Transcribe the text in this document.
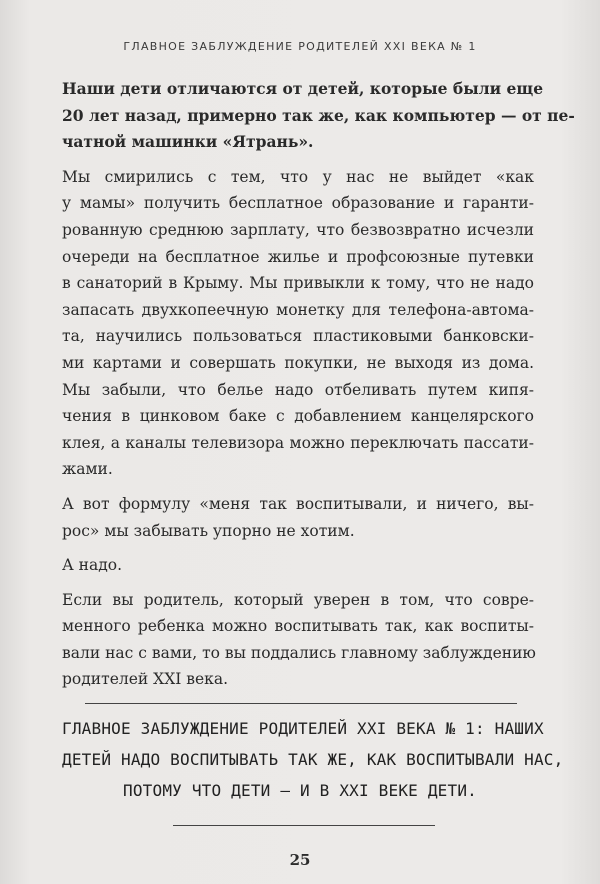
ГЛАВНОЕ ЗАБЛУЖДЕНИЕ РОДИТЕЛЕЙ XXI ВЕКА № 1
Наши дети отличаются от детей, которые были еще
20 лет назад, примерно так же, как компьютер — от пе-
чатной машинки «Ятрань».
Мы смирились с тем, что у нас не выйдет «как
у мамы» получить бесплатное образование и гаранти-
рованную среднюю зарплату, что безвозвратно исчезли
очереди на бесплатное жилье и профсоюзные путевки
в санаторий в Крыму. Мы привыкли к тому, что не надо
запасать двухкопеечную монетку для телефона-автома-
та, научились пользоваться пластиковыми банковски-
ми картами и совершать покупки, не выходя из дома.
Мы забыли, что белье надо отбеливать путем кипя-
чения в цинковом баке с добавлением канцелярского
клея, а каналы телевизора можно переключать пассати-
жами.
А вот формулу «меня так воспитывали, и ничего, вы-
рос» мы забывать упорно не хотим.
А надо.
Если вы родитель, который уверен в том, что совре-
менного ребенка можно воспитывать так, как воспиты-
вали нас с вами, то вы поддались главному заблуждению
родителей XXI века.
ГЛАВНОЕ ЗАБЛУЖДЕНИЕ РОДИТЕЛЕЙ XXI ВЕКА № 1: НАШИХ
ДЕТЕЙ НАДО ВОСПИТЫВАТЬ ТАК ЖЕ, КАК ВОСПИТЫВАЛИ НАС,
ПОТОМУ ЧТО ДЕТИ – И В XXI ВЕКЕ ДЕТИ.
25
